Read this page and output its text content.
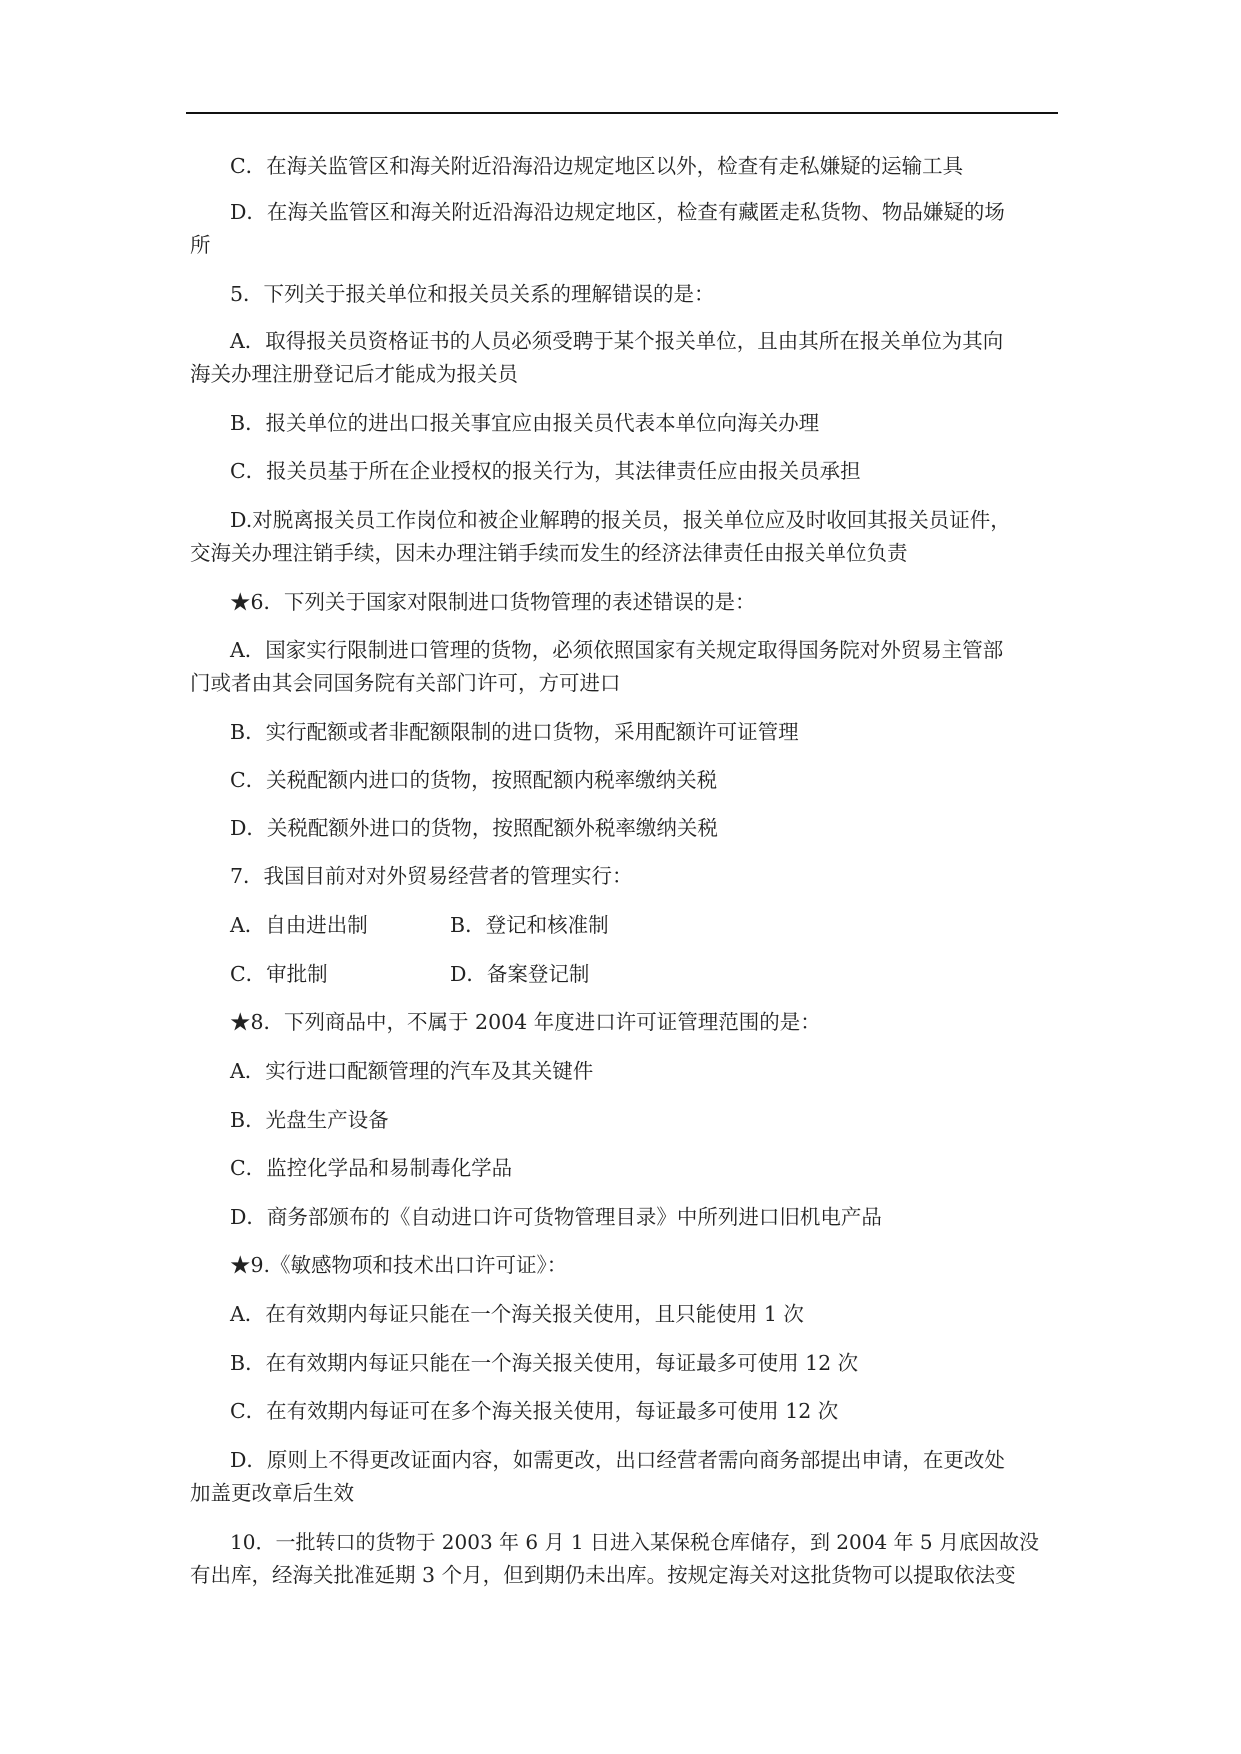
C．在海关监管区和海关附近沿海沿边规定地区以外，检查有走私嫌疑的运输工具
D．在海关监管区和海关附近沿海沿边规定地区，检查有藏匿走私货物、物品嫌疑的场
所
5．下列关于报关单位和报关员关系的理解错误的是：
A．取得报关员资格证书的人员必须受聘于某个报关单位，且由其所在报关单位为其向
海关办理注册登记后才能成为报关员
B．报关单位的进出口报关事宜应由报关员代表本单位向海关办理
C．报关员基于所在企业授权的报关行为，其法律责任应由报关员承担
D.对脱离报关员工作岗位和被企业解聘的报关员，报关单位应及时收回其报关员证件，
交海关办理注销手续，因未办理注销手续而发生的经济法律责任由报关单位负责
★6．下列关于国家对限制进口货物管理的表述错误的是：
A．国家实行限制进口管理的货物，必须依照国家有关规定取得国务院对外贸易主管部
门或者由其会同国务院有关部门许可，方可进口
B．实行配额或者非配额限制的进口货物，采用配额许可证管理
C．关税配额内进口的货物，按照配额内税率缴纳关税
D．关税配额外进口的货物，按照配额外税率缴纳关税
7．我国目前对对外贸易经营者的管理实行：
A．自由进出制	B．登记和核准制
C．审批制	D．备案登记制
★8．下列商品中，不属于 2004 年度进口许可证管理范围的是：
A．实行进口配额管理的汽车及其关键件
B．光盘生产设备
C．监控化学品和易制毒化学品
D．商务部颁布的《自动进口许可货物管理目录》中所列进口旧机电产品
★9.《敏感物项和技术出口许可证》：
A．在有效期内每证只能在一个海关报关使用，且只能使用 1 次
B．在有效期内每证只能在一个海关报关使用，每证最多可使用 12 次
C．在有效期内每证可在多个海关报关使用，每证最多可使用 12 次
D．原则上不得更改证面内容，如需更改，出口经营者需向商务部提出申请，在更改处
加盖更改章后生效
10．一批转口的货物于 2003 年 6 月 1 日进入某保税仓库储存，到 2004 年 5 月底因故没
有出库，经海关批准延期 3 个月，但到期仍未出库。按规定海关对这批货物可以提取依法变
